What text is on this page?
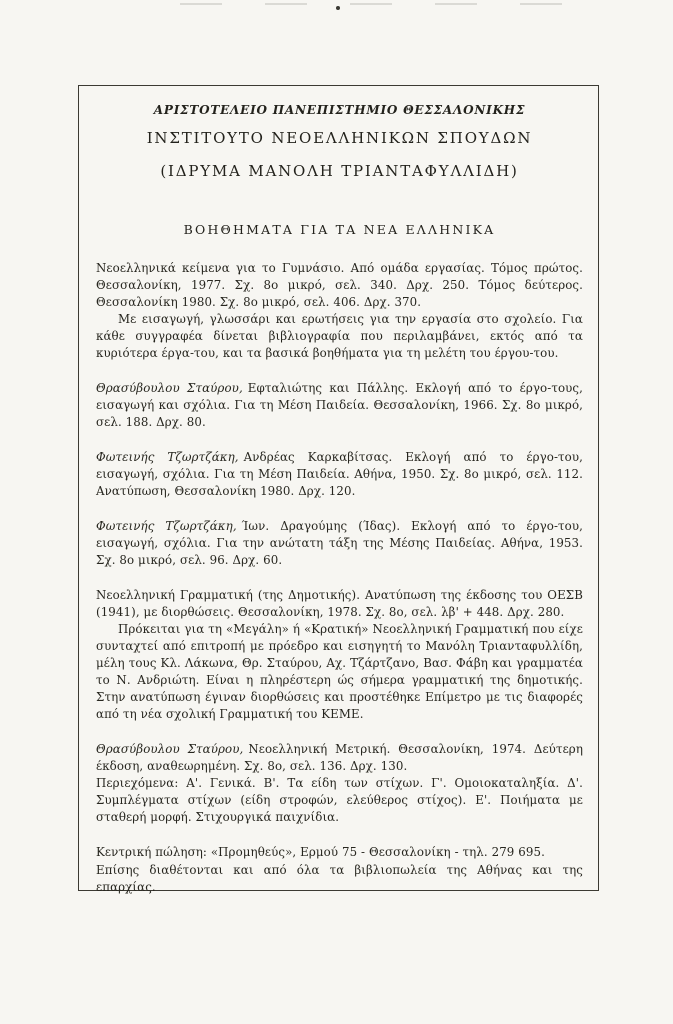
ΑΡΙΣΤΟΤΕΛΕΙΟ ΠΑΝΕΠΙΣΤΗΜΙΟ ΘΕΣΣΑΛΟΝΙΚΗΣ

ΙΝΣΤΙΤΟΥΤΟ ΝΕΟΕΛΛΗΝΙΚΩΝ ΣΠΟΥΔΩΝ

(ΙΔΡΥΜΑ ΜΑΝΟΛΗ ΤΡΙΑΝΤΑΦΥΛΛΙΔΗ)

ΒΟΗΘΗΜΑΤΑ ΓΙΑ ΤΑ ΝΕΑ ΕΛΛΗΝΙΚΑ

Νεοελληνικά κείμενα για το Γυμνάσιο. Από ομάδα εργασίας. Τόμος πρώτος. Θεσσαλονίκη, 1977. Σχ. 8ο μικρό, σελ. 340. Δρχ. 250. Τόμος δεύτερος. Θεσσαλονίκη 1980. Σχ. 8ο μικρό, σελ. 406. Δρχ. 370.

Με εισαγωγή, γλωσσάρι και ερωτήσεις για την εργασία στο σχολείο. Για κάθε συγγραφέα δίνεται βιβλιογραφία που περιλαμβάνει, εκτός από τα κυριότερα έργα-του, και τα βασικά βοηθήματα για τη μελέτη του έργου-του.

Θρασύβουλου Σταύρου, Εφταλιώτης και Πάλλης. Εκλογή από το έργο-τους, εισαγωγή και σχόλια. Για τη Μέση Παιδεία. Θεσσαλονίκη, 1966. Σχ. 8ο μικρό, σελ. 188. Δρχ. 80.

Φωτεινής Τζωρτζάκη, Ανδρέας Καρκαβίτσας. Εκλογή από το έργο-του, εισαγωγή, σχόλια. Για τη Μέση Παιδεία. Αθήνα, 1950. Σχ. 8ο μικρό, σελ. 112. Ανατύπωση, Θεσσαλονίκη 1980. Δρχ. 120.

Φωτεινής Τζωρτζάκη, Ίων. Δραγούμης (Ίδας). Εκλογή από το έργο-του, εισαγωγή, σχόλια. Για την ανώτατη τάξη της Μέσης Παιδείας. Αθήνα, 1953. Σχ. 8ο μικρό, σελ. 96. Δρχ. 60.

Νεοελληνική Γραμματική (της Δημοτικής). Ανατύπωση της έκδοσης του ΟΕΣΒ (1941), με διορθώσεις. Θεσσαλονίκη, 1978. Σχ. 8ο, σελ. λβ' + 448. Δρχ. 280.

Πρόκειται για τη «Μεγάλη» ή «Κρατική» Νεοελληνική Γραμματική που είχε συνταχτεί από επιτροπή με πρόεδρο και εισηγητή το Μανόλη Τριανταφυλλίδη, μέλη τους Κλ. Λάκωνα, Θρ. Σταύρου, Αχ. Τζάρτζανο, Βασ. Φάβη και γραμματέα το Ν. Ανδριώτη. Είναι η πληρέστερη ώς σήμερα γραμματική της δημοτικής. Στην ανατύπωση έγιναν διορθώσεις και προστέθηκε Επίμετρο με τις διαφορές από τη νέα σχολική Γραμματική του ΚΕΜΕ.

Θρασύβουλου Σταύρου, Νεοελληνική Μετρική. Θεσσαλονίκη, 1974. Δεύτερη έκδοση, αναθεωρημένη. Σχ. 8ο, σελ. 136. Δρχ. 130.

Περιεχόμενα: Α'. Γενικά. Β'. Τα είδη των στίχων. Γ'. Ομοιοκαταληξία. Δ'. Συμπλέγματα στίχων (είδη στροφών, ελεύθερος στίχος). Ε'. Ποιήματα με σταθερή μορφή. Στιχουργικά παιχνίδια.

Κεντρική πώληση: «Προμηθεύς», Ερμού 75 - Θεσσαλονίκη - τηλ. 279 695.

Επίσης διαθέτονται και από όλα τα βιβλιοπωλεία της Αθήνας και της επαρχίας.
